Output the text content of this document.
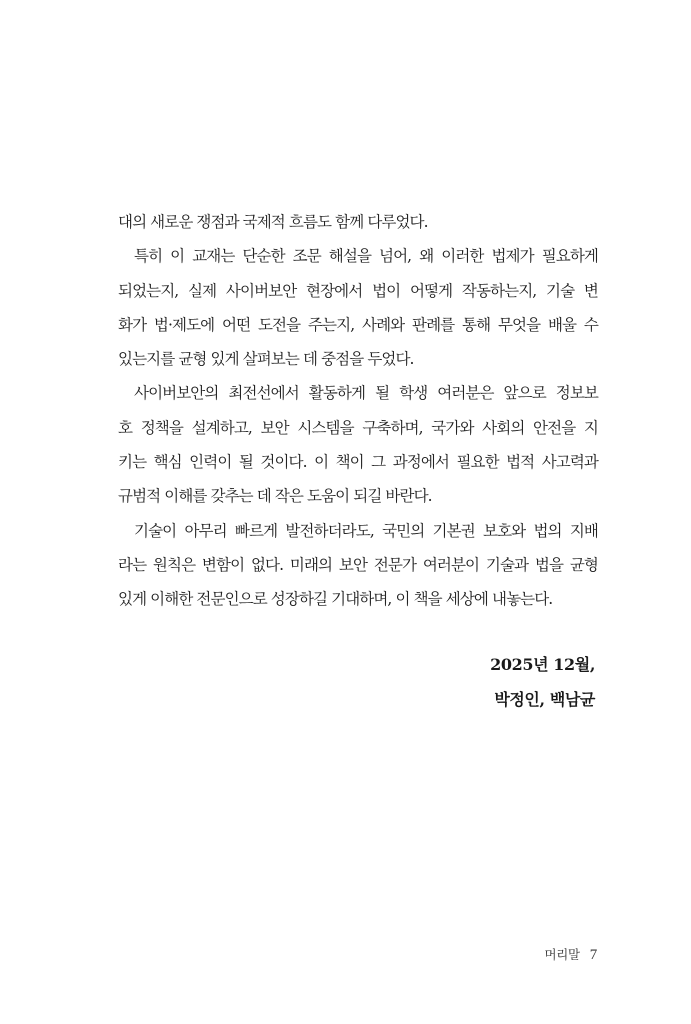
대의 새로운 쟁점과 국제적 흐름도 함께 다루었다.
특히 이 교재는 단순한 조문 해설을 넘어, 왜 이러한 법제가 필요하게
되었는지, 실제 사이버보안 현장에서 법이 어떻게 작동하는지, 기술 변
화가 법·제도에 어떤 도전을 주는지, 사례와 판례를 통해 무엇을 배울 수
있는지를 균형 있게 살펴보는 데 중점을 두었다.
사이버보안의 최전선에서 활동하게 될 학생 여러분은 앞으로 정보보
호 정책을 설계하고, 보안 시스템을 구축하며, 국가와 사회의 안전을 지
키는 핵심 인력이 될 것이다. 이 책이 그 과정에서 필요한 법적 사고력과
규범적 이해를 갖추는 데 작은 도움이 되길 바란다.
기술이 아무리 빠르게 발전하더라도, 국민의 기본권 보호와 법의 지배
라는 원칙은 변함이 없다. 미래의 보안 전문가 여러분이 기술과 법을 균형
있게 이해한 전문인으로 성장하길 기대하며, 이 책을 세상에 내놓는다.
2025년 12월,
박정인, 백남균
머리말 7
